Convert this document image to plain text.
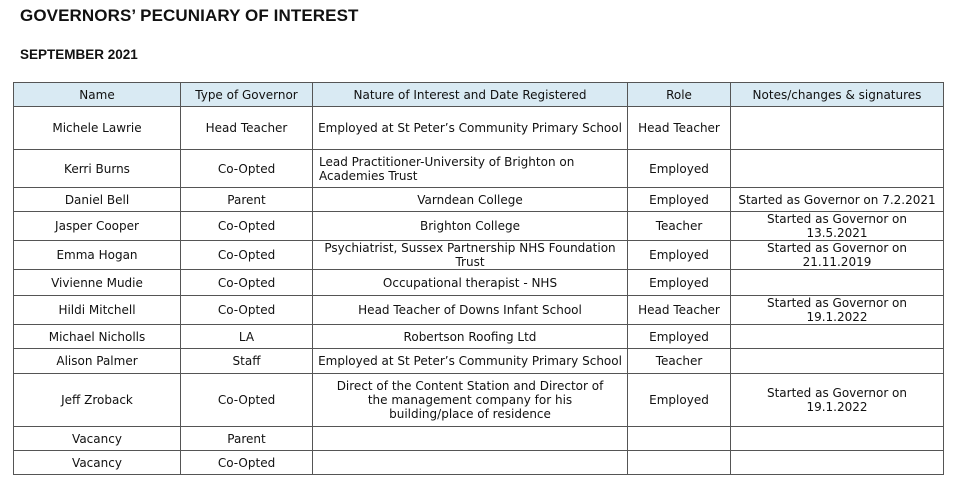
GOVERNORS’ PECUNIARY OF INTEREST
SEPTEMBER 2021
Name	Type of Governor	Nature of Interest and Date Registered	Role	Notes/changes & signatures
Michele Lawrie	Head Teacher	Employed at St Peter’s Community Primary School	Head Teacher	
Kerri Burns	Co-Opted	Lead Practitioner-University of Brighton on Academies Trust	Employed	
Daniel Bell	Parent	Varndean College	Employed	Started as Governor on 7.2.2021
Jasper Cooper	Co-Opted	Brighton College	Teacher	Started as Governor on 13.5.2021
Emma Hogan	Co-Opted	Psychiatrist, Sussex Partnership NHS Foundation Trust	Employed	Started as Governor on 21.11.2019
Vivienne Mudie	Co-Opted	Occupational therapist - NHS	Employed	
Hildi Mitchell	Co-Opted	Head Teacher of Downs Infant School	Head Teacher	Started as Governor on 19.1.2022
Michael Nicholls	LA	Robertson Roofing Ltd	Employed	
Alison Palmer	Staff	Employed at St Peter’s Community Primary School	Teacher	
Jeff Zroback	Co-Opted	Direct of the Content Station and Director of the management company for his building/place of residence	Employed	Started as Governor on 19.1.2022
Vacancy	Parent			
Vacancy	Co-Opted			
